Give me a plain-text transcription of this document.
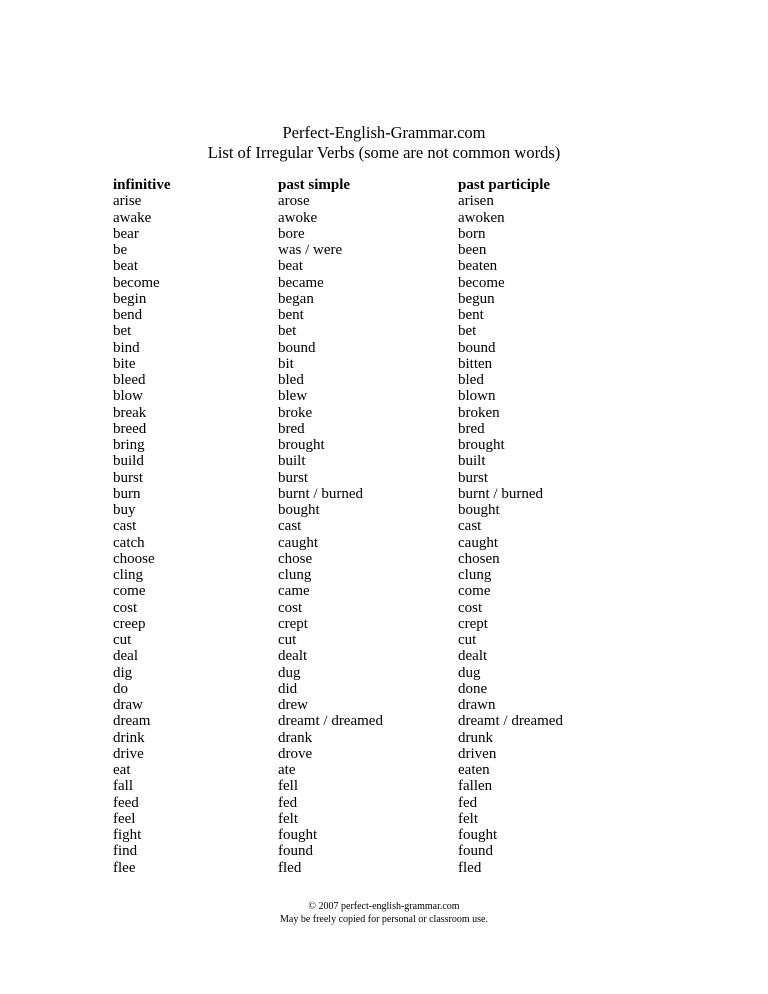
Perfect-English-Grammar.com
List of Irregular Verbs (some are not common words)
infinitive
arise
awake
bear
be
beat
become
begin
bend
bet
bind
bite
bleed
blow
break
breed
bring
build
burst
burn
buy
cast
catch
choose
cling
come
cost
creep
cut
deal
dig
do
draw
dream
drink
drive
eat
fall
feed
feel
fight
find
flee
past simple
arose
awoke
bore
was / were
beat
became
began
bent
bet
bound
bit
bled
blew
broke
bred
brought
built
burst
burnt / burned
bought
cast
caught
chose
clung
came
cost
crept
cut
dealt
dug
did
drew
dreamt / dreamed
drank
drove
ate
fell
fed
felt
fought
found
fled
past participle
arisen
awoken
born
been
beaten
become
begun
bent
bet
bound
bitten
bled
blown
broken
bred
brought
built
burst
burnt / burned
bought
cast
caught
chosen
clung
come
cost
crept
cut
dealt
dug
done
drawn
dreamt / dreamed
drunk
driven
eaten
fallen
fed
felt
fought
found
fled
© 2007 perfect-english-grammar.com
May be freely copied for personal or classroom use.
